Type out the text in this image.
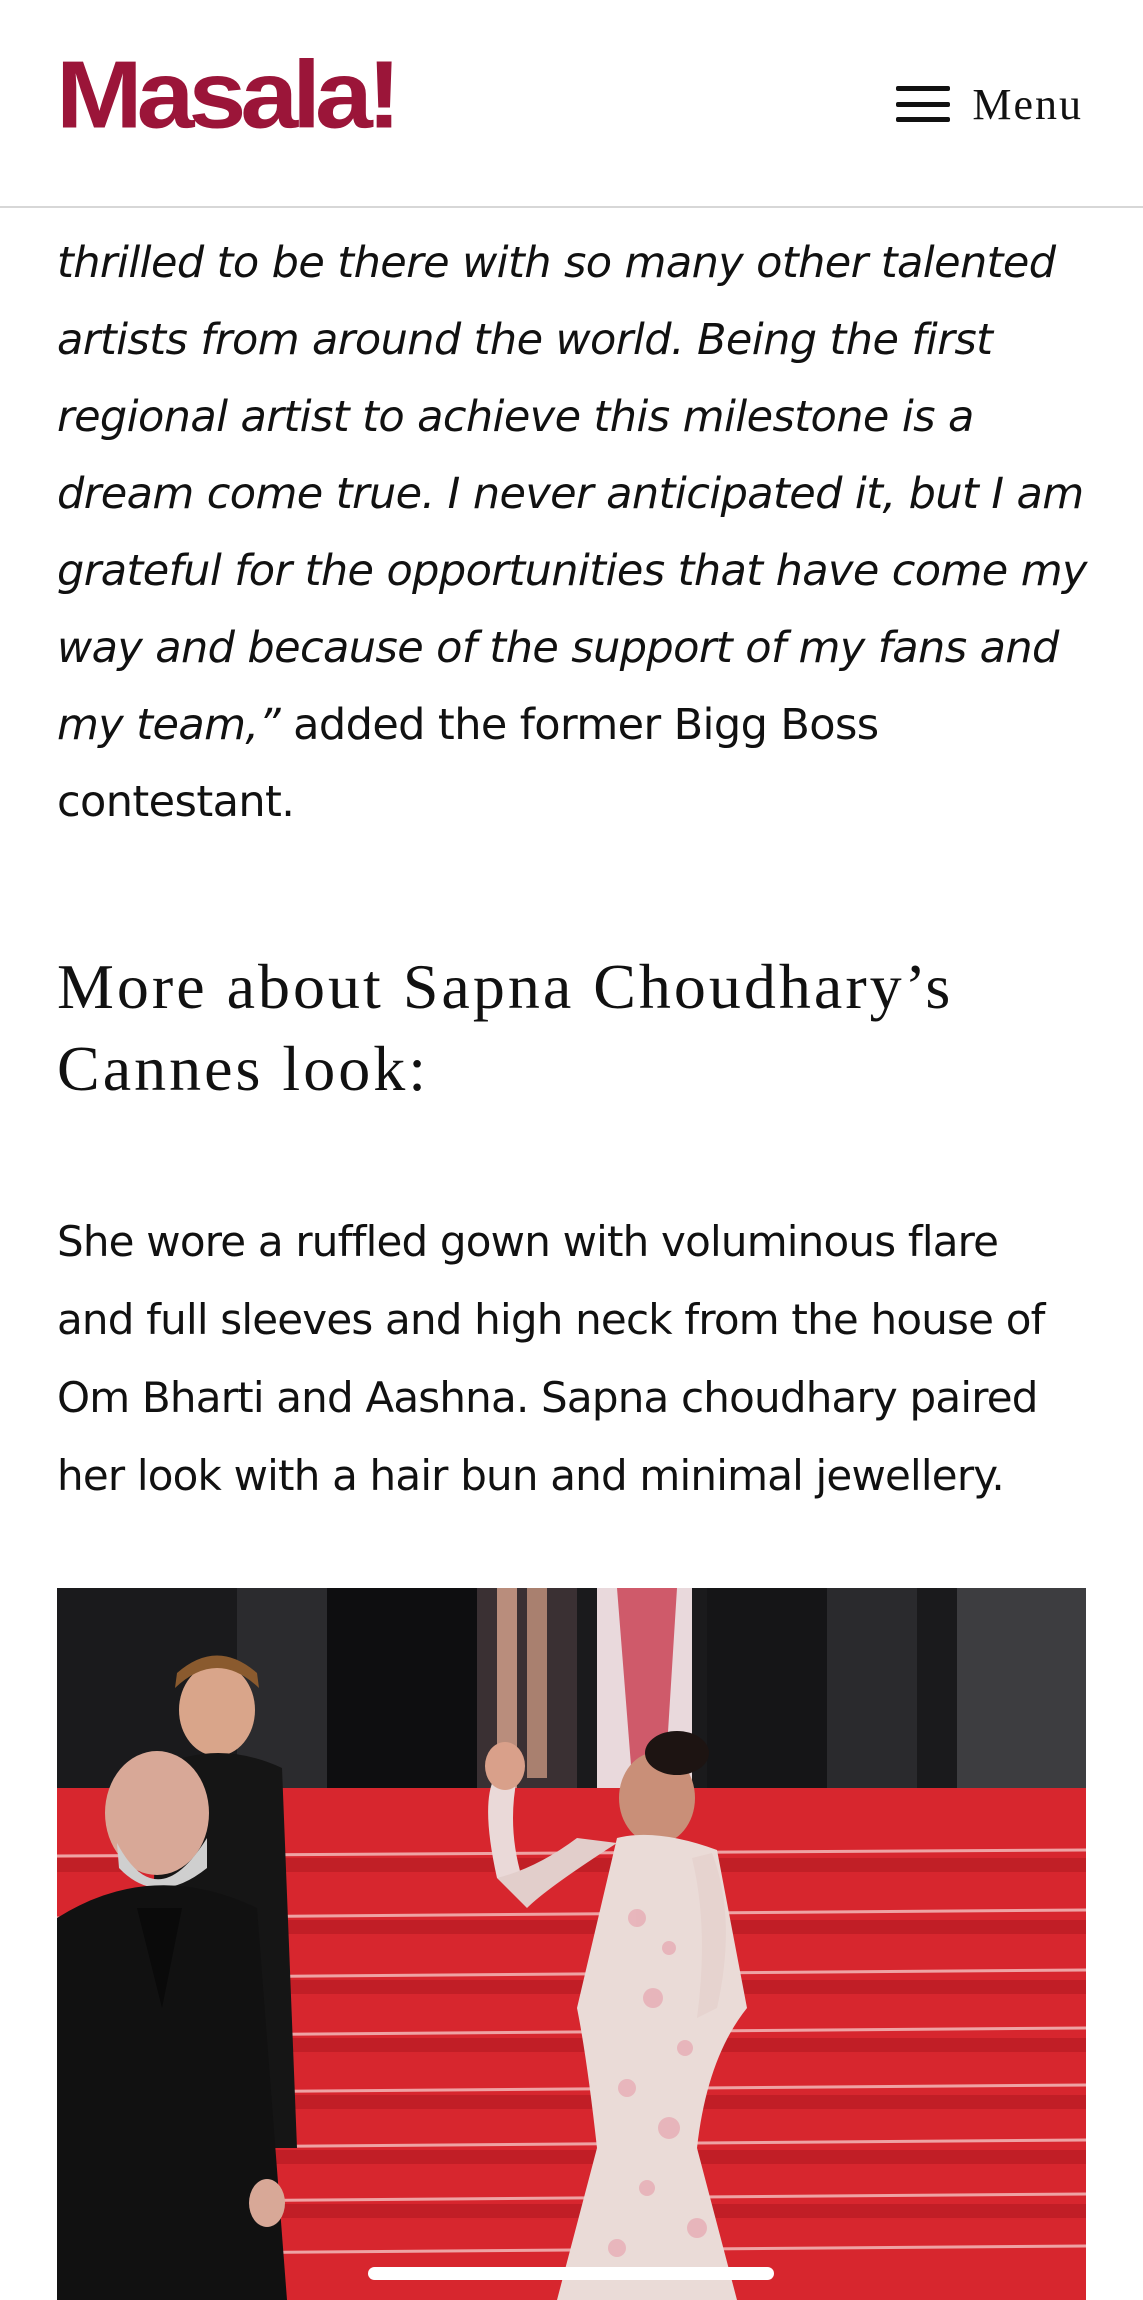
Masala!	Menu

thrilled to be there with so many other talented artists from around the world. Being the first regional artist to achieve this milestone is a dream come true. I never anticipated it, but I am grateful for the opportunities that have come my way and because of the support of my fans and my team,” added the former Bigg Boss contestant.

More about Sapna Choudhary’s Cannes look:

She wore a ruffled gown with voluminous flare and full sleeves and high neck from the house of Om Bharti and Aashna. Sapna choudhary paired her look with a hair bun and minimal jewellery.
